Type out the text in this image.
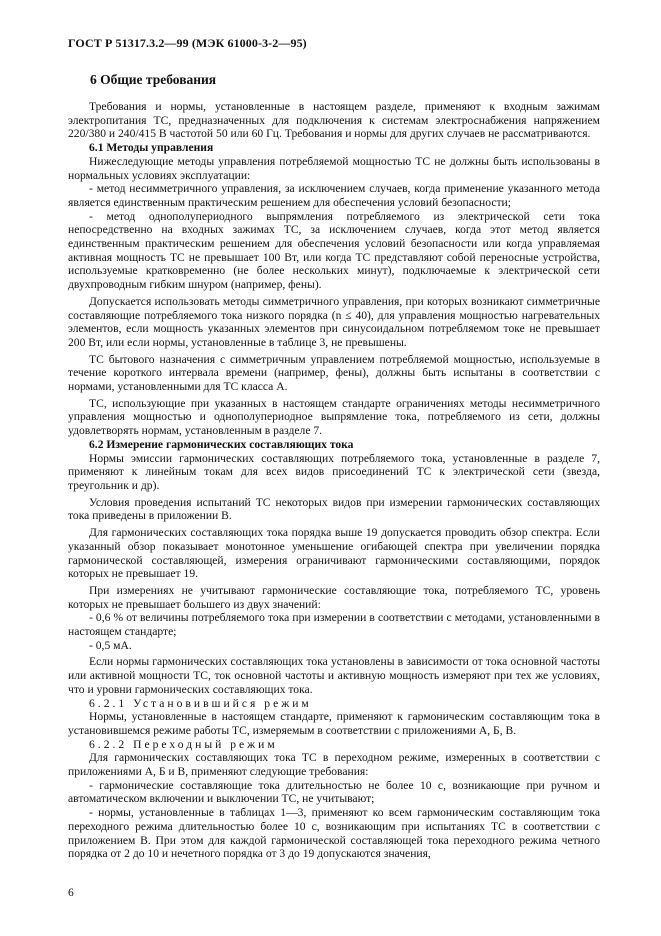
ГОСТ Р 51317.3.2—99 (МЭК 61000-3-2—95)
6 Общие требования

Требования и нормы, установленные в настоящем разделе, применяют к входным зажимам электропитания ТС, предназначенных для подключения к системам электроснабжения напряжением 220/380 и 240/415 В частотой 50 или 60 Гц. Требования и нормы для других случаев не рассматриваются.

6.1 Методы управления

Нижеследующие методы управления потребляемой мощностью ТС не должны быть использованы в нормальных условиях эксплуатации:

- метод несимметричного управления, за исключением случаев, когда применение указанного метода является единственным практическим решением для обеспечения условий безопасности;

- метод однополупериодного выпрямления потребляемого из электрической сети тока непосредственно на входных зажимах ТС, за исключением случаев, когда этот метод является единственным практическим решением для обеспечения условий безопасности или когда управляемая активная мощность ТС не превышает 100 Вт, или когда ТС представляют собой переносные устройства, используемые кратковременно (не более нескольких минут), подключаемые к электрической сети двухпроводным гибким шнуром (например, фены).

Допускается использовать методы симметричного управления, при которых возникают симметричные составляющие потребляемого тока низкого порядка (n ≤ 40), для управления мощностью нагревательных элементов, если мощность указанных элементов при синусоидальном потребляемом токе не превышает 200 Вт, или если нормы, установленные в таблице 3, не превышены.

ТС бытового назначения с симметричным управлением потребляемой мощностью, используемые в течение короткого интервала времени (например, фены), должны быть испытаны в соответствии с нормами, установленными для ТС класса А.

ТС, использующие при указанных в настоящем стандарте ограничениях методы несимметричного управления мощностью и однополупериодное выпрямление тока, потребляемого из сети, должны удовлетворять нормам, установленным в разделе 7.

6.2 Измерение гармонических составляющих тока

Нормы эмиссии гармонических составляющих потребляемого тока, установленные в разделе 7, применяют к линейным токам для всех видов присоединений ТС к электрической сети (звезда, треугольник и др).

Условия проведения испытаний ТС некоторых видов при измерении гармонических составляющих тока приведены в приложении В.

Для гармонических составляющих тока порядка выше 19 допускается проводить обзор спектра. Если указанный обзор показывает монотонное уменьшение огибающей спектра при увеличении порядка гармонической составляющей, измерения ограничивают гармоническими составляющими, порядок которых не превышает 19.

При измерениях не учитывают гармонические составляющие тока, потребляемого ТС, уровень которых не превышает большего из двух значений:

- 0,6 % от величины потребляемого тока при измерении в соответствии с методами, установленными в настоящем стандарте;

- 0,5 мА.

Если нормы гармонических составляющих тока установлены в зависимости от тока основной частоты или активной мощности ТС, ток основной частоты и активную мощность измеряют при тех же условиях, что и уровни гармонических составляющих тока.

6.2.1 Установившийся режим

Нормы, установленные в настоящем стандарте, применяют к гармоническим составляющим тока в установившемся режиме работы ТС, измеряемым в соответствии с приложениями А, Б, В.

6.2.2 Переходный режим

Для гармонических составляющих тока ТС в переходном режиме, измеренных в соответствии с приложениями А, Б и В, применяют следующие требования:

- гармонические составляющие тока длительностью не более 10 с, возникающие при ручном и автоматическом включении и выключении ТС, не учитывают;

- нормы, установленные в таблицах 1—3, применяют ко всем гармоническим составляющим тока переходного режима длительностью более 10 с, возникающим при испытаниях ТС в соответствии с приложением В. При этом для каждой гармонической составляющей тока переходного режима четного порядка от 2 до 10 и нечетного порядка от 3 до 19 допускаются значения,

6
